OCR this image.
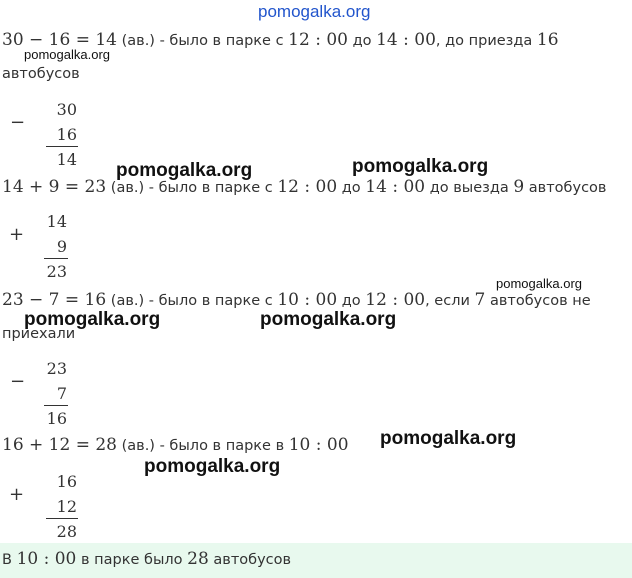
pomogalka.org
pomogalka.org
pomogalka.org	pomogalka.org
pomogalka.org
pomogalka.org	pomogalka.org
pomogalka.org
pomogalka.org
30 − 16 = 14 (ав.) - было в парке с 12 : 00 до 14 : 00, до приезда 16
автобусов
−
30
16
14
14 + 9 = 23 (ав.) - было в парке с 12 : 00 до 14 : 00 до выезда 9 автобусов
+
14
9
23
23 − 7 = 16 (ав.) - было в парке с 10 : 00 до 12 : 00, если 7 автобусов не
приехали
−
23
7
16
16 + 12 = 28 (ав.) - было в парке в 10 : 00
+
16
12
28
В 10 : 00 в парке было 28 автобусов
